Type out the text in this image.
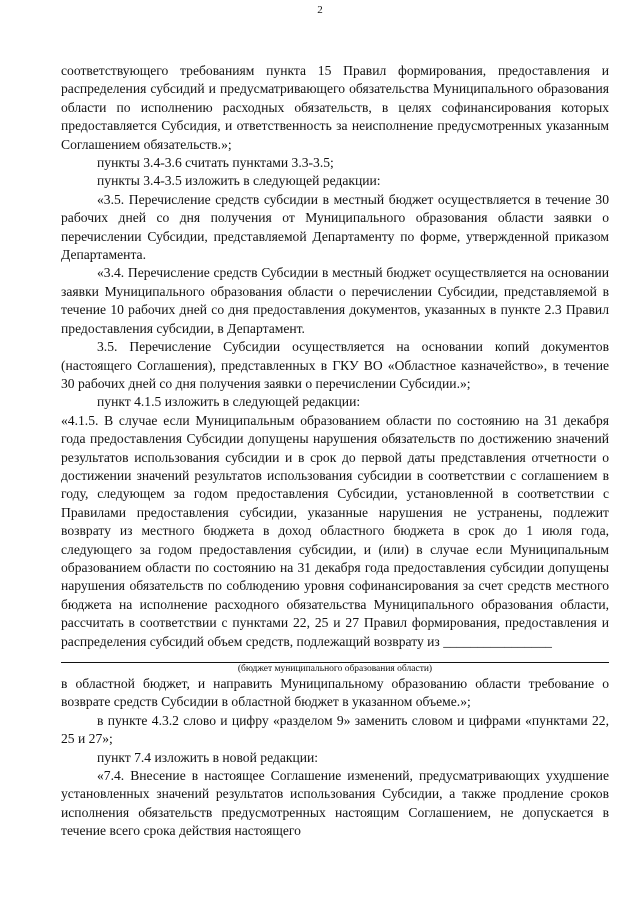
2

соответствующего требованиям пункта 15 Правил формирования, предоставления и распределения субсидий и предусматривающего обязательства Муниципального образования области по исполнению расходных обязательств, в целях софинансирования которых предоставляется Субсидия, и ответственность за неисполнение предусмотренных указанным Соглашением обязательств.»;

пункты 3.4-3.6 считать пунктами 3.3-3.5;

пункты 3.4-3.5 изложить в следующей редакции:

«3.5. Перечисление средств субсидии в местный бюджет осуществляется в течение 30 рабочих дней со дня получения от Муниципального образования области заявки о перечислении Субсидии, представляемой Департаменту по форме, утвержденной приказом Департамента.

«3.4. Перечисление средств Субсидии в местный бюджет осуществляется на основании заявки Муниципального образования области о перечислении Субсидии, представляемой в течение 10 рабочих дней со дня предоставления документов, указанных в пункте 2.3 Правил предоставления субсидии, в Департамент.

3.5. Перечисление Субсидии осуществляется на основании копий документов (настоящего Соглашения), представленных в ГКУ ВО «Областное казначейство», в течение 30 рабочих дней со дня получения заявки о перечислении Субсидии.»;

пункт 4.1.5 изложить в следующей редакции:

«4.1.5. В случае если Муниципальным образованием области по состоянию на 31 декабря года предоставления Субсидии допущены нарушения обязательств по достижению значений результатов использования субсидии и в срок до первой даты представления отчетности о достижении значений результатов использования субсидии в соответствии с соглашением в году, следующем за годом предоставления Субсидии, установленной в соответствии с Правилами предоставления субсидии, указанные нарушения не устранены, подлежит возврату из местного бюджета в доход областного бюджета в срок до 1 июля года, следующего за годом предоставления субсидии, и (или) в случае если Муниципальным образованием области по состоянию на 31 декабря года предоставления субсидии допущены нарушения обязательств по соблюдению уровня софинансирования за счет средств местного бюджета на исполнение расходного обязательства Муниципального образования области, рассчитать в соответствии с пунктами 22, 25 и 27 Правил формирования, предоставления и распределения субсидий объем средств, подлежащий возврату из ________________

(бюджет муниципального образования области)

в областной бюджет, и направить Муниципальному образованию области требование о возврате средств Субсидии в областной бюджет в указанном объеме.»;

в пункте 4.3.2 слово и цифру «разделом 9» заменить словом и цифрами «пунктами 22, 25 и 27»;

пункт 7.4 изложить в новой редакции:

«7.4. Внесение в настоящее Соглашение изменений, предусматривающих ухудшение установленных значений результатов использования Субсидии, а также продление сроков исполнения обязательств предусмотренных настоящим Соглашением, не допускается в течение всего срока действия настоящего
